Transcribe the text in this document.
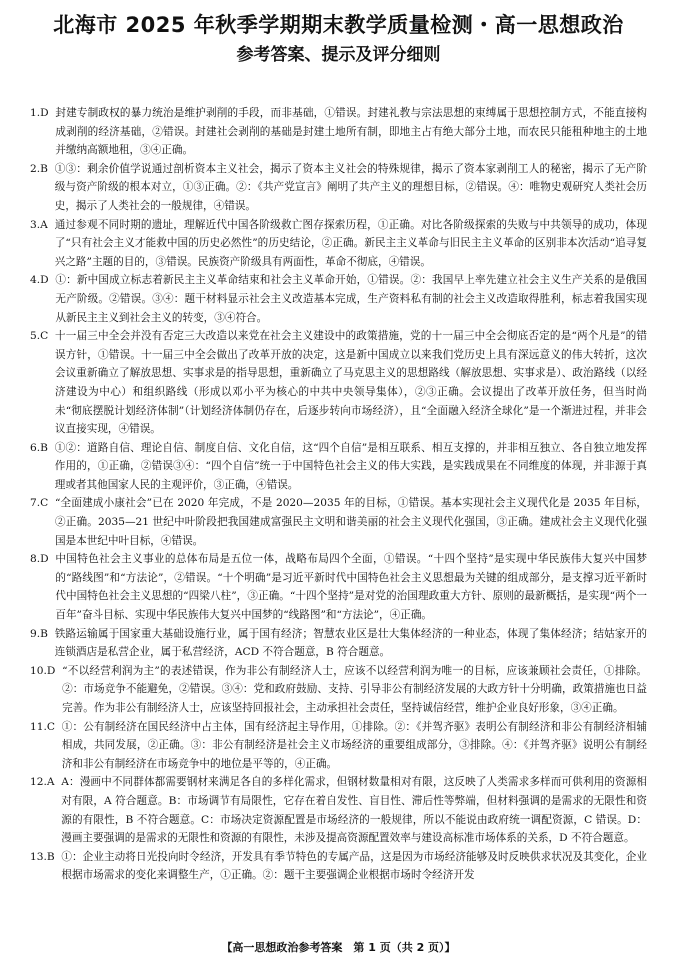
北海市 2025 年秋季学期期末教学质量检测・高一思想政治
参考答案、提示及评分细则
1.D
封建专制政权的暴力统治是维护剥削的手段，而非基础，①错误。封建礼教与宗法思想的束缚属于思想控制方式，不能直接构成剥削的经济基础，②错误。封建社会剥削的基础是封建土地所有制，即地主占有绝大部分土地，而农民只能租种地主的土地并缴纳高额地租，③④正确。
2.B
①③：剩余价值学说通过剖析资本主义社会，揭示了资本主义社会的特殊规律，揭示了资本家剥削工人的秘密，揭示了无产阶级与资产阶级的根本对立，①③正确。②：《共产党宣言》阐明了共产主义的理想目标，②错误。④：唯物史观研究人类社会历史，揭示了人类社会的一般规律，④错误。
3.A
通过参观不同时期的遗址，理解近代中国各阶级救亡图存探索历程，①正确。对比各阶级探索的失败与中共领导的成功，体现了“只有社会主义才能救中国的历史必然性”的历史结论，②正确。新民主主义革命与旧民主主义革命的区别非本次活动“追寻复兴之路”主题的目的，③错误。民族资产阶级具有两面性，革命不彻底，④错误。
4.D
①：新中国成立标志着新民主主义革命结束和社会主义革命开始，①错误。②：我国早上率先建立社会主义生产关系的是俄国无产阶级。②错误。③④：题干材料显示社会主义改造基本完成，生产资料私有制的社会主义改造取得胜利，标志着我国实现从新民主主义到社会主义的转变，③④符合。
5.C
十一届三中全会并没有否定三大改造以来党在社会主义建设中的政策措施，党的十一届三中全会彻底否定的是“两个凡是”的错误方针，①错误。十一届三中全会做出了改革开放的决定，这是新中国成立以来我们党历史上具有深远意义的伟大转折，这次会议重新确立了解放思想、实事求是的指导思想，重新确立了马克思主义的思想路线（解放思想、实事求是）、政治路线（以经济建设为中心）和组织路线（形成以邓小平为核心的中共中央领导集体），②③正确。会议提出了改革开放任务，但当时尚未“彻底摆脱计划经济体制”（计划经济体制仍存在，后逐步转向市场经济），且“全面融入经济全球化”是一个渐进过程，并非会议直接实现，④错误。
6.B
①②：道路自信、理论自信、制度自信、文化自信，这“四个自信”是相互联系、相互支撑的，并非相互独立、各自独立地发挥作用的，①正确，②错误③④：“四个自信”统一于中国特色社会主义的伟大实践，是实践成果在不同维度的体现，并非源于真理或者其他国家人民的主观评价，③正确，④错误。
7.C
“全面建成小康社会”已在 2020 年完成，不是 2020—2035 年的目标，①错误。基本实现社会主义现代化是 2035 年目标，②正确。2035—21 世纪中叶阶段把我国建成富强民主文明和谐美丽的社会主义现代化强国，③正确。建成社会主义现代化强国是本世纪中叶目标，④错误。
8.D
中国特色社会主义事业的总体布局是五位一体，战略布局四个全面，①错误。“十四个坚持”是实现中华民族伟大复兴中国梦的“路线图”和“方法论”，②错误。“十个明确”是习近平新时代中国特色社会主义思想最为关键的组成部分，是支撑习近平新时代中国特色社会主义思想的“四梁八柱”，③正确。“十四个坚持”是对党的治国理政重大方针、原则的最新概括，是实现“两个一百年”奋斗目标、实现中华民族伟大复兴中国梦的“线路图”和“方法论”，④正确。
9.B
铁路运输属于国家重大基础设施行业，属于国有经济；智慧农业区是壮大集体经济的一种业态，体现了集体经济；结姑家开的连锁酒店是私营企业，属于私营经济，ACD 不符合题意，B 符合题意。
10.D
“不以经营利润为主”的表述错误，作为非公有制经济人士，应该不以经营利润为唯一的目标，应该兼顾社会责任，①排除。②：市场竞争不能避免，②错误。③④：党和政府鼓励、支持、引导非公有制经济发展的大政方针十分明确，政策措施也日益完善。作为非公有制经济人士，应该坚持回报社会，主动承担社会责任，坚持诚信经营，维护企业良好形象，③④正确。
11.C
①：公有制经济在国民经济中占主体，国有经济起主导作用，①排除。②：《并驾齐驱》表明公有制经济和非公有制经济相辅相成，共同发展，②正确。③：非公有制经济是社会主义市场经济的重要组成部分，③排除。④：《并驾齐驱》说明公有制经济和非公有制经济在市场竞争中的地位是平等的，④正确。
12.A
A：漫画中不同群体都需要钢材来满足各自的多样化需求，但钢材数量相对有限，这反映了人类需求多样而可供利用的资源相对有限，A 符合题意。B：市场调节有局限性，它存在着自发性、盲目性、滞后性等弊端，但材料强调的是需求的无限性和资源的有限性，B 不符合题意。C：市场决定资源配置是市场经济的一般规律，所以不能说由政府统一调配资源，C 错误。D：漫画主要强调的是需求的无限性和资源的有限性，未涉及提高资源配置效率与建设高标准市场体系的关系，D 不符合题意。
13.B
①：企业主动将日光投向时令经济，开发具有季节特色的专属产品，这是因为市场经济能够及时反映供求状况及其变化，企业根据市场需求的变化来调整生产，①正确。②：题干主要强调企业根据市场时令经济开发
【高一思想政治参考答案　第 1 页（共 2 页）】
